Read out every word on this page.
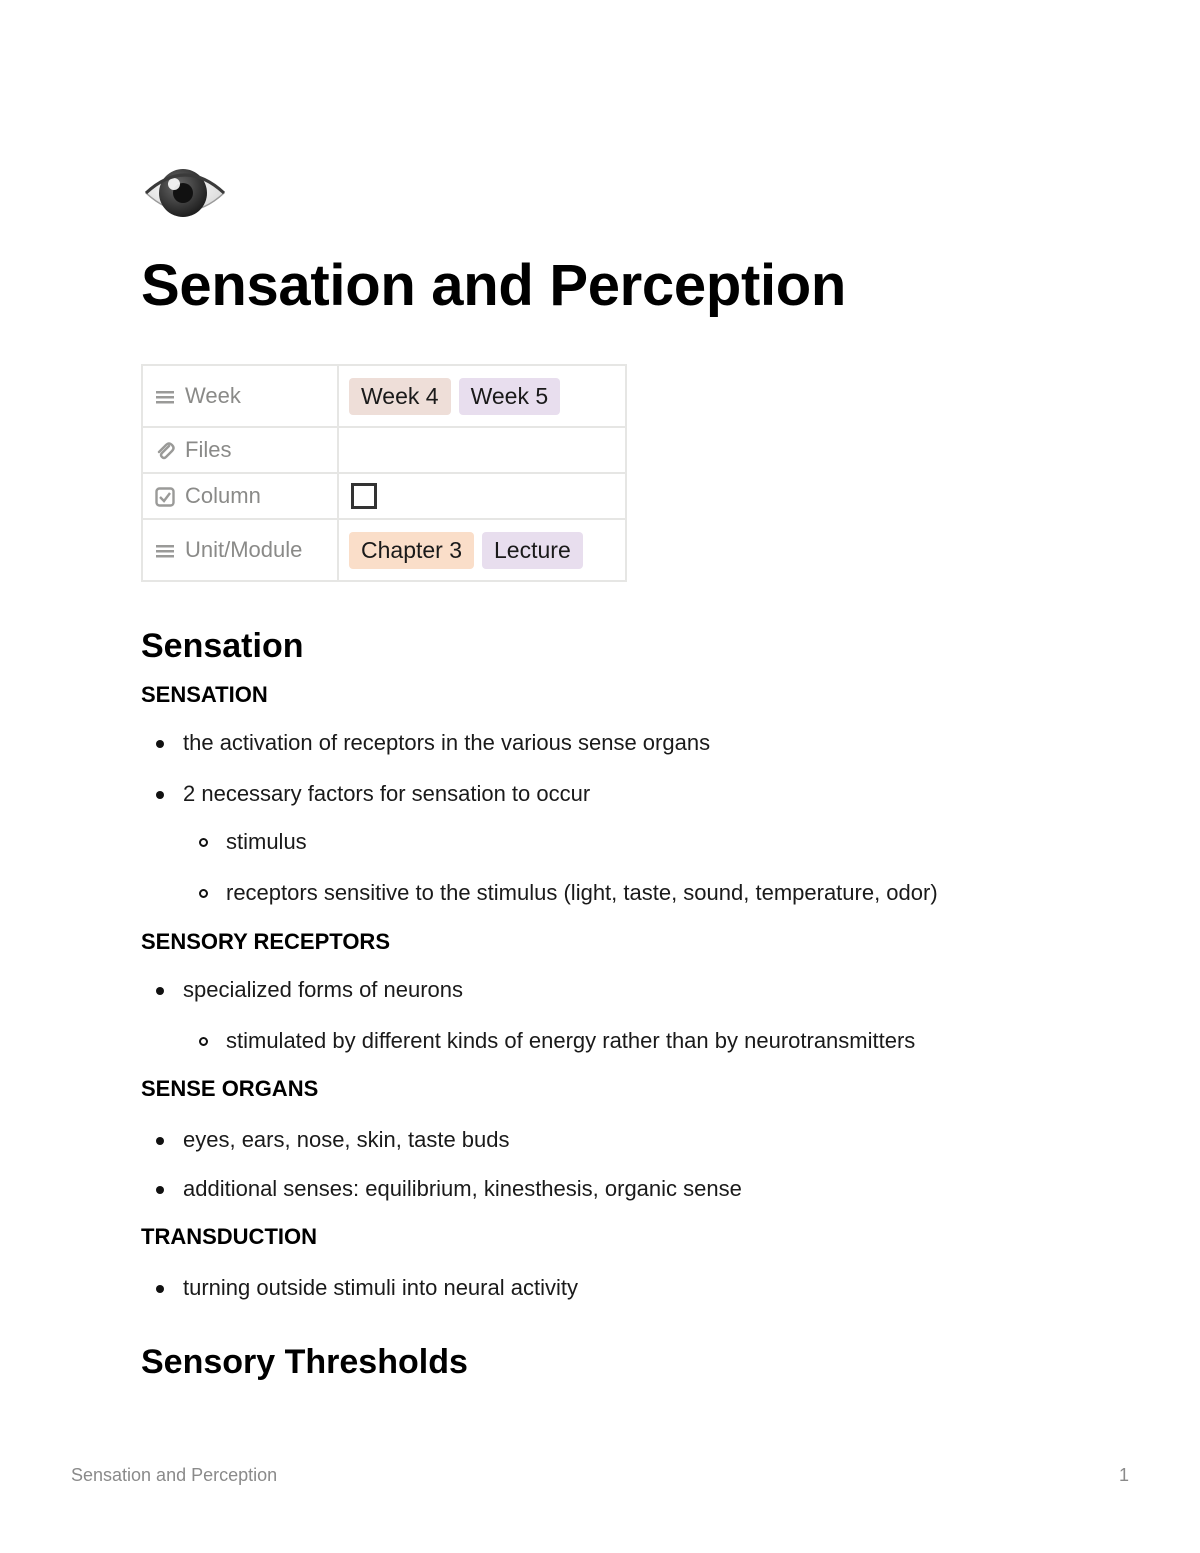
Sensation and Perception
Week	Week 4 Week 5
Files	
Column	
Unit/Module	Chapter 3 Lecture
Sensation
SENSATION
the activation of receptors in the various sense organs
2 necessary factors for sensation to occur
stimulus
receptors sensitive to the stimulus (light, taste, sound, temperature, odor)
SENSORY RECEPTORS
specialized forms of neurons
stimulated by different kinds of energy rather than by neurotransmitters
SENSE ORGANS
eyes, ears, nose, skin, taste buds
additional senses: equilibrium, kinesthesis, organic sense
TRANSDUCTION
turning outside stimuli into neural activity
Sensory Thresholds
Sensation and Perception	1
